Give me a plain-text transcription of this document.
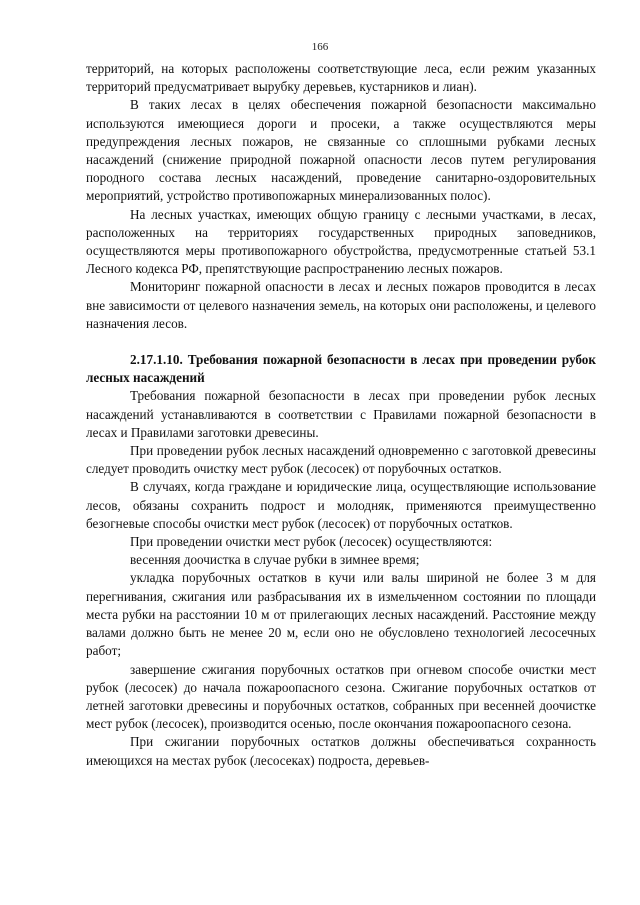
166

территорий, на которых расположены соответствующие леса, если режим указанных территорий предусматривает вырубку деревьев, кустарников и лиан).

В таких лесах в целях обеспечения пожарной безопасности максимально используются имеющиеся дороги и просеки, а также осуществляются меры предупреждения лесных пожаров, не связанные со сплошными рубками лесных насаждений (снижение природной пожарной опасности лесов путем регулирования породного состава лесных насаждений, проведение санитарно-оздоровительных мероприятий, устройство противопожарных минерализованных полос).

На лесных участках, имеющих общую границу с лесными участками, в лесах, расположенных на территориях государственных природных заповедников, осуществляются меры противопожарного обустройства, предусмотренные статьей 53.1 Лесного кодекса РФ, препятствующие распространению лесных пожаров.

Мониторинг пожарной опасности в лесах и лесных пожаров проводится в лесах вне зависимости от целевого назначения земель, на которых они расположены, и целевого назначения лесов.

2.17.1.10. Требования пожарной безопасности в лесах при проведении рубок лесных насаждений

Требования пожарной безопасности в лесах при проведении рубок лесных насаждений устанавливаются в соответствии с Правилами пожарной безопасности в лесах и Правилами заготовки древесины.

При проведении рубок лесных насаждений одновременно с заготовкой древесины следует проводить очистку мест рубок (лесосек) от порубочных остатков.

В случаях, когда граждане и юридические лица, осуществляющие использование лесов, обязаны сохранить подрост и молодняк, применяются преимущественно безогневые способы очистки мест рубок (лесосек) от порубочных остатков.

При проведении очистки мест рубок (лесосек) осуществляются:

весенняя доочистка в случае рубки в зимнее время;

укладка порубочных остатков в кучи или валы шириной не более 3 м для перегнивания, сжигания или разбрасывания их в измельченном состоянии по площади места рубки на расстоянии 10 м от прилегающих лесных насаждений. Расстояние между валами должно быть не менее 20 м, если оно не обусловлено технологией лесосечных работ;

завершение сжигания порубочных остатков при огневом способе очистки мест рубок (лесосек) до начала пожароопасного сезона. Сжигание порубочных остатков от летней заготовки древесины и порубочных остатков, собранных при весенней доочистке мест рубок (лесосек), производится осенью, после окончания пожароопасного сезона.

При сжигании порубочных остатков должны обеспечиваться сохранность имеющихся на местах рубок (лесосеках) подроста, деревьев-
